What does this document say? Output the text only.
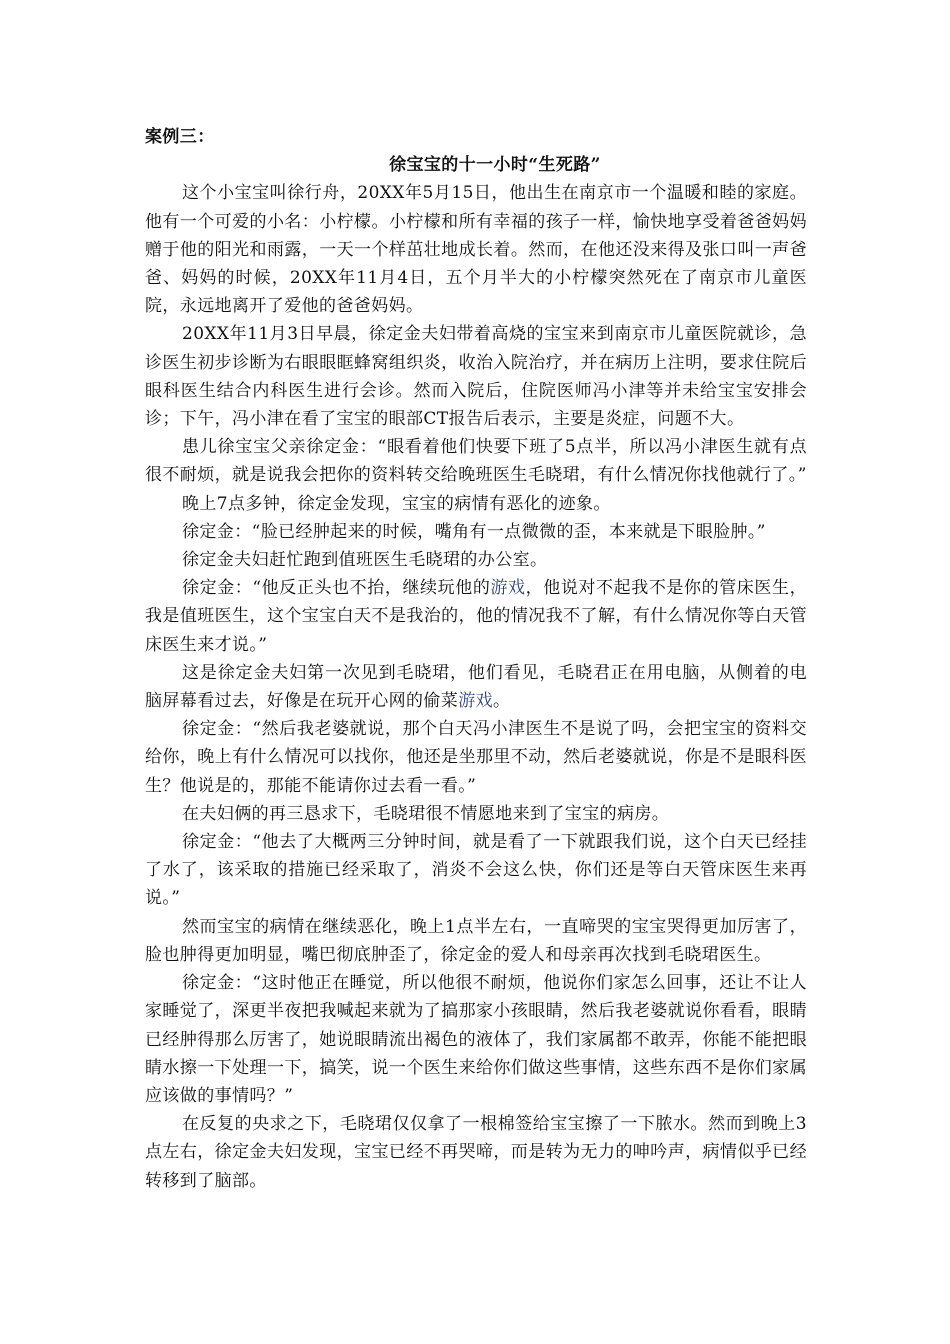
案例三：

徐宝宝的十一小时“生死路”

这个小宝宝叫徐行舟，20XX年5月15日，他出生在南京市一个温暖和睦的家庭。他有一个可爱的小名：小柠檬。小柠檬和所有幸福的孩子一样，愉快地享受着爸爸妈妈赠于他的阳光和雨露，一天一个样茁壮地成长着。然而，在他还没来得及张口叫一声爸爸、妈妈的时候，20XX年11月4日，五个月半大的小柠檬突然死在了南京市儿童医院，永远地离开了爱他的爸爸妈妈。

20XX年11月3日早晨，徐定金夫妇带着高烧的宝宝来到南京市儿童医院就诊，急诊医生初步诊断为右眼眼眶蜂窝组织炎，收治入院治疗，并在病历上注明，要求住院后眼科医生结合内科医生进行会诊。然而入院后，住院医师冯小津等并未给宝宝安排会诊；下午，冯小津在看了宝宝的眼部CT报告后表示，主要是炎症，问题不大。

患儿徐宝宝父亲徐定金：“眼看着他们快要下班了5点半，所以冯小津医生就有点很不耐烦，就是说我会把你的资料转交给晚班医生毛晓珺，有什么情况你找他就行了。”

晚上7点多钟，徐定金发现，宝宝的病情有恶化的迹象。

徐定金：“脸已经肿起来的时候，嘴角有一点微微的歪，本来就是下眼脸肿。”

徐定金夫妇赶忙跑到值班医生毛晓珺的办公室。

徐定金：“他反正头也不抬，继续玩他的游戏，他说对不起我不是你的管床医生，我是值班医生，这个宝宝白天不是我治的，他的情况我不了解，有什么情况你等白天管床医生来才说。”

这是徐定金夫妇第一次见到毛晓珺，他们看见，毛晓君正在用电脑，从侧着的电脑屏幕看过去，好像是在玩开心网的偷菜游戏。

徐定金：“然后我老婆就说，那个白天冯小津医生不是说了吗，会把宝宝的资料交给你，晚上有什么情况可以找你，他还是坐那里不动，然后老婆就说，你是不是眼科医生？他说是的，那能不能请你过去看一看。”

在夫妇俩的再三恳求下，毛晓珺很不情愿地来到了宝宝的病房。

徐定金：“他去了大概两三分钟时间，就是看了一下就跟我们说，这个白天已经挂了水了，该采取的措施已经采取了，消炎不会这么快，你们还是等白天管床医生来再说。”

然而宝宝的病情在继续恶化，晚上1点半左右，一直啼哭的宝宝哭得更加厉害了，脸也肿得更加明显，嘴巴彻底肿歪了，徐定金的爱人和母亲再次找到毛晓珺医生。

徐定金：“这时他正在睡觉，所以他很不耐烦，他说你们家怎么回事，还让不让人家睡觉了，深更半夜把我喊起来就为了搞那家小孩眼睛，然后我老婆就说你看看，眼睛已经肿得那么厉害了，她说眼睛流出褐色的液体了，我们家属都不敢弄，你能不能把眼睛水擦一下处理一下，搞笑，说一个医生来给你们做这些事情，这些东西不是你们家属应该做的事情吗？”

在反复的央求之下，毛晓珺仅仅拿了一根棉签给宝宝擦了一下脓水。然而到晚上3点左右，徐定金夫妇发现，宝宝已经不再哭啼，而是转为无力的呻吟声，病情似乎已经转移到了脑部。
